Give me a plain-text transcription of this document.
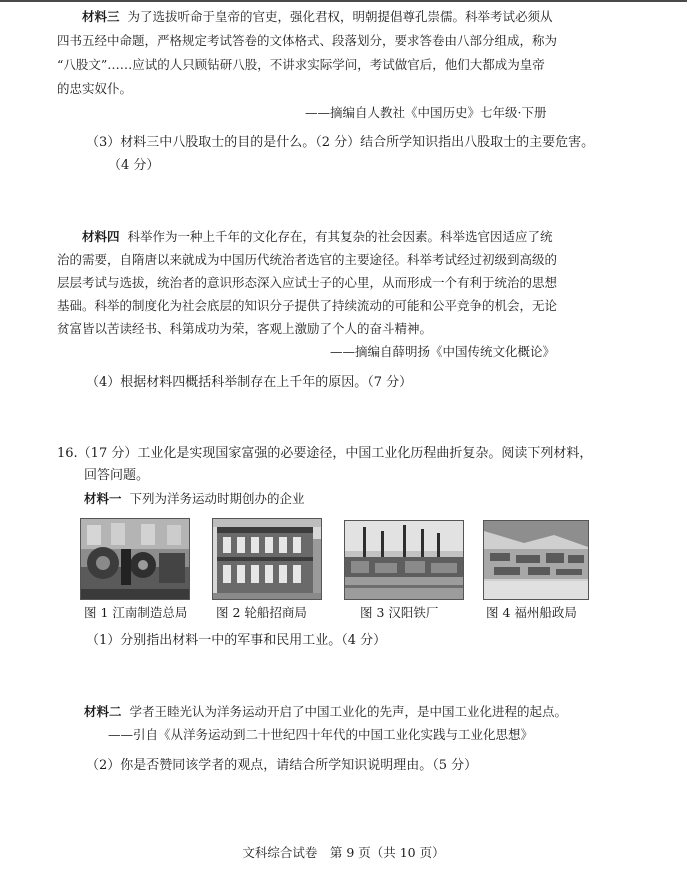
材料三 为了选拔听命于皇帝的官吏，强化君权，明朝提倡尊孔崇儒。科举考试必须从
四书五经中命题，严格规定考试答卷的文体格式、段落划分，要求答卷由八部分组成，称为
“八股文”……应试的人只顾钻研八股，不讲求实际学问，考试做官后，他们大都成为皇帝
的忠实奴仆。
——摘编自人教社《中国历史》七年级·下册
（3）材料三中八股取士的目的是什么。（2 分）结合所学知识指出八股取士的主要危害。
（4 分）
材料四 科举作为一种上千年的文化存在，有其复杂的社会因素。科举选官因适应了统
治的需要，自隋唐以来就成为中国历代统治者选官的主要途径。科举考试经过初级到高级的
层层考试与选拔，统治者的意识形态深入应试士子的心里，从而形成一个有利于统治的思想
基础。科举的制度化为社会底层的知识分子提供了持续流动的可能和公平竞争的机会，无论
贫富皆以苦读经书、科第成功为荣，客观上激励了个人的奋斗精神。
——摘编自薛明扬《中国传统文化概论》
（4）根据材料四概括科举制存在上千年的原因。（7 分）
16.（17 分）工业化是实现国家富强的必要途径，中国工业化历程曲折复杂。阅读下列材料，
回答问题。
材料一 下列为洋务运动时期创办的企业
图 1 江南制造总局 图 2 轮船招商局	图 3 汉阳铁厂	图 4 福州船政局
（1）分别指出材料一中的军事和民用工业。（4 分）
材料二 学者王睦光认为洋务运动开启了中国工业化的先声，是中国工业化进程的起点。
——引自《从洋务运动到二十世纪四十年代的中国工业化实践与工业化思想》
（2）你是否赞同该学者的观点，请结合所学知识说明理由。（5 分）
文科综合试卷　第 9 页（共 10 页）
